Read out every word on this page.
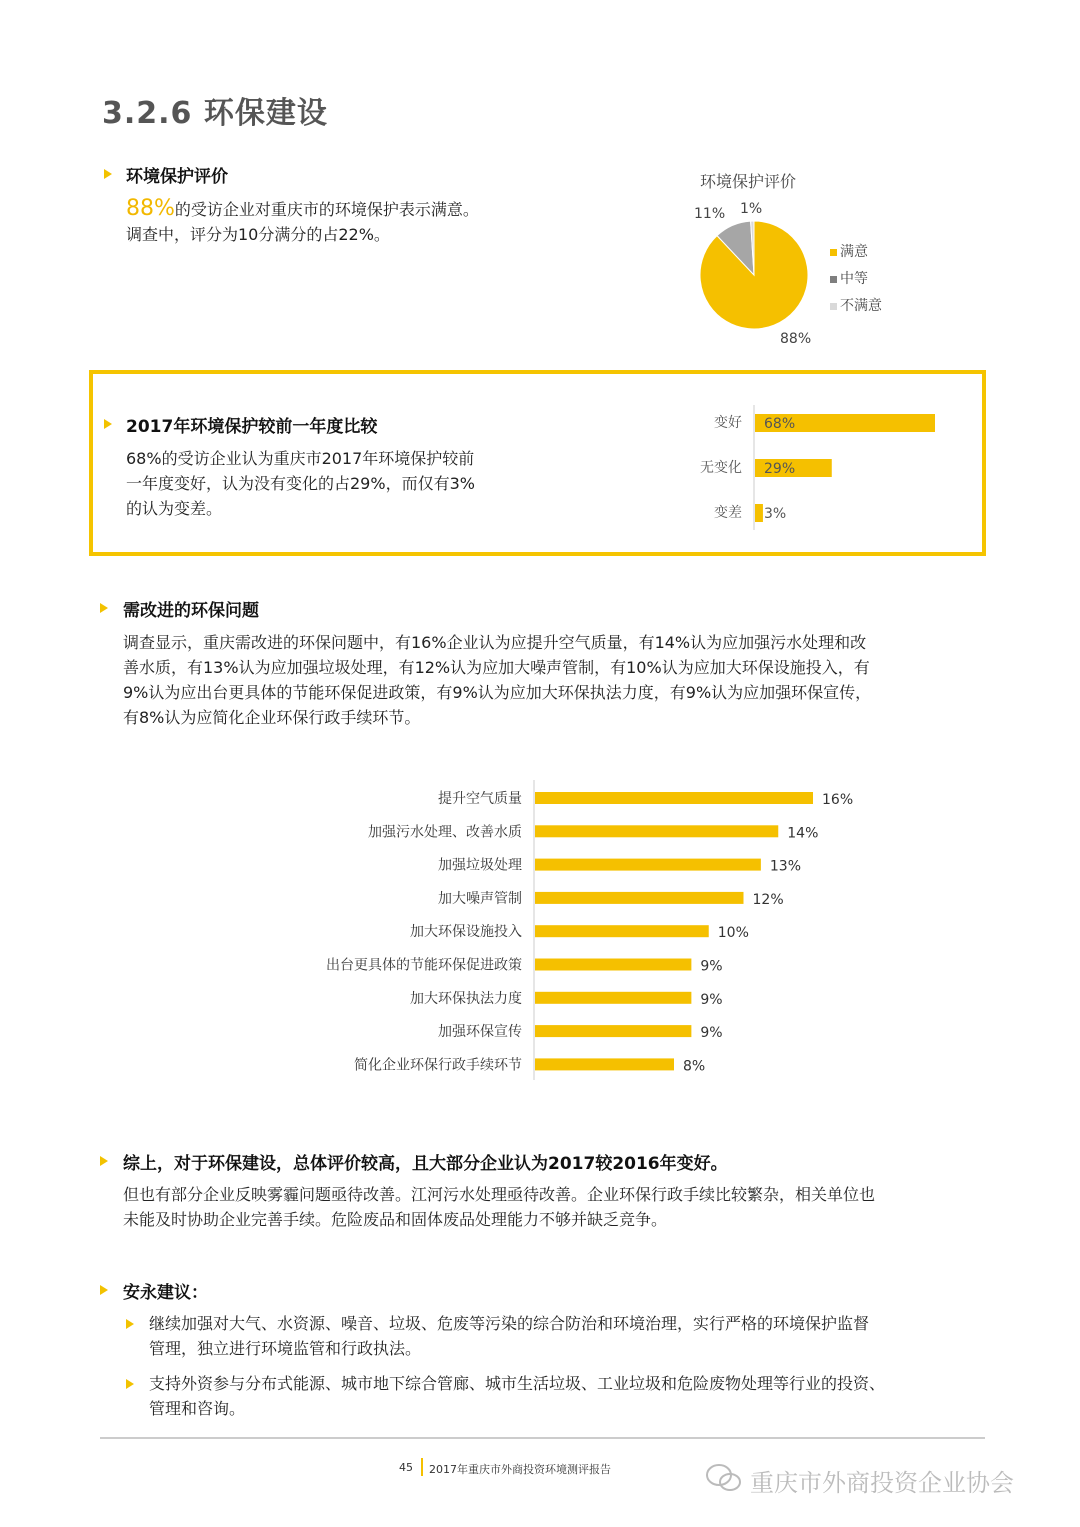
3.2.6 环保建设
环境保护评价
88%的受访企业对重庆市的环境保护表示满意。
调查中，评分为10分满分的占22%。
环境保护评价
11% 1%
88%
满意
中等
不满意
2017年环境保护较前一年度比较
68%的受访企业认为重庆市2017年环境保护较前
一年度变好，认为没有变化的占29%，而仅有3%
的认为变差。
变好 68%
无变化 29%
变差 3%
需改进的环保问题
调查显示，重庆需改进的环保问题中，有16%企业认为应提升空气质量，有14%认为应加强污水处理和改
善水质，有13%认为应加强垃圾处理，有12%认为应加大噪声管制，有10%认为应加大环保设施投入，有
9%认为应出台更具体的节能环保促进政策，有9%认为应加大环保执法力度，有9%认为应加强环保宣传，
有8%认为应简化企业环保行政手续环节。
提升空气质量	16%
加强污水处理、改善水质	14%
加强垃圾处理	13%
加大噪声管制	12%
加大环保设施投入	10%
出台更具体的节能环保促进政策	9%
加大环保执法力度	9%
加强环保宣传	9%
简化企业环保行政手续环节	8%
综上，对于环保建设，总体评价较高，且大部分企业认为2017较2016年变好。
但也有部分企业反映雾霾问题亟待改善。江河污水处理亟待改善。企业环保行政手续比较繁杂，相关单位也
未能及时协助企业完善手续。危险废品和固体废品处理能力不够并缺乏竞争。
安永建议：
继续加强对大气、水资源、噪音、垃圾、危废等污染的综合防治和环境治理，实行严格的环境保护监督
管理，独立进行环境监管和行政执法。
支持外资参与分布式能源、城市地下综合管廊、城市生活垃圾、工业垃圾和危险废物处理等行业的投资、
管理和咨询。
45 2017年重庆市外商投资环境测评报告	重庆市外商投资企业协会
